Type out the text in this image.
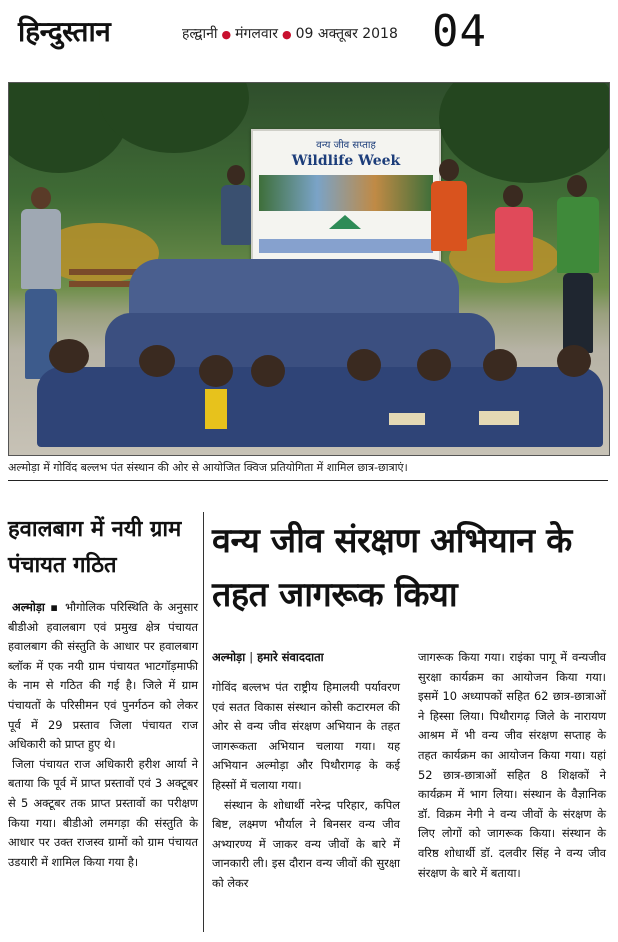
हिन्दुस्तान	हल्द्वानी ● मंगलवार ● 09 अक्तूबर 2018 04
वन्य जीव सप्ताह
Wildlife Week
अल्मोड़ा में गोविंद बल्लभ पंत संस्थान की ओर से आयोजित क्विज प्रतियोगिता में शामिल छात्र-छात्राएं।
हवालबाग में नयी ग्राम पंचायत गठित

अल्मोड़ा ▪ भौगोलिक परिस्थिति के अनुसार बीडीओ हवालबाग एवं प्रमुख क्षेत्र पंचायत हवालबाग की संस्तुति के आधार पर हवालबाग ब्लॉक में एक नयी ग्राम पंचायत भाटगॉड़माफी के नाम से गठित की गई है। जिले में ग्राम पंचायतों के परिसीमन एवं पुनर्गठन को लेकर पूर्व में 29 प्रस्ताव जिला पंचायत राज अधिकारी को प्राप्त हुए थे।

जिला पंचायत राज अधिकारी हरीश आर्या ने बताया कि पूर्व में प्राप्त प्रस्तावों एवं 3 अक्टूबर से 5 अक्टूबर तक प्राप्त प्रस्तावों का परीक्षण किया गया। बीडीओ लमगड़ा की संस्तुति के आधार पर उक्त राजस्व ग्रामों को ग्राम पंचायत उडयारी में शामिल किया गया है।

वन्य जीव संरक्षण अभियान के तहत जागरूक किया
अल्मोड़ा | हमारे संवाददाता

गोविंद बल्लभ पंत राष्ट्रीय हिमालयी पर्यावरण एवं सतत विकास संस्थान कोसी कटारमल की ओर से वन्य जीव संरक्षण अभियान के तहत जागरूकता अभियान चलाया गया। यह अभियान अल्मोड़ा और पिथौरागढ़ के कई हिस्सों में चलाया गया।

संस्थान के शोधार्थी नरेन्द्र परिहार, कपिल बिष्ट, लक्ष्मण भौर्याल ने बिनसर वन्य जीव अभ्यारण्य में जाकर वन्य जीवों के बारे में जानकारी ली। इस दौरान वन्य जीवों की सुरक्षा को लेकर

जागरूक किया गया। राइंका पागू में वन्यजीव सुरक्षा कार्यक्रम का आयोजन किया गया। इसमें 10 अध्यापकों सहित 62 छात्र-छात्राओं ने हिस्सा लिया। पिथौरागढ़ जिले के नारायण आश्रम में भी वन्य जीव संरक्षण सप्ताह के तहत कार्यक्रम का आयोजन किया गया। यहां 52 छात्र-छात्राओं सहित 8 शिक्षकों ने कार्यक्रम में भाग लिया। संस्थान के वैज्ञानिक डॉ. विक्रम नेगी ने वन्य जीवों के संरक्षण के लिए लोगों को जागरूक किया। संस्थान के वरिष्ठ शोधार्थी डॉ. दलवीर सिंह ने वन्य जीव संरक्षण के बारे में बताया।
